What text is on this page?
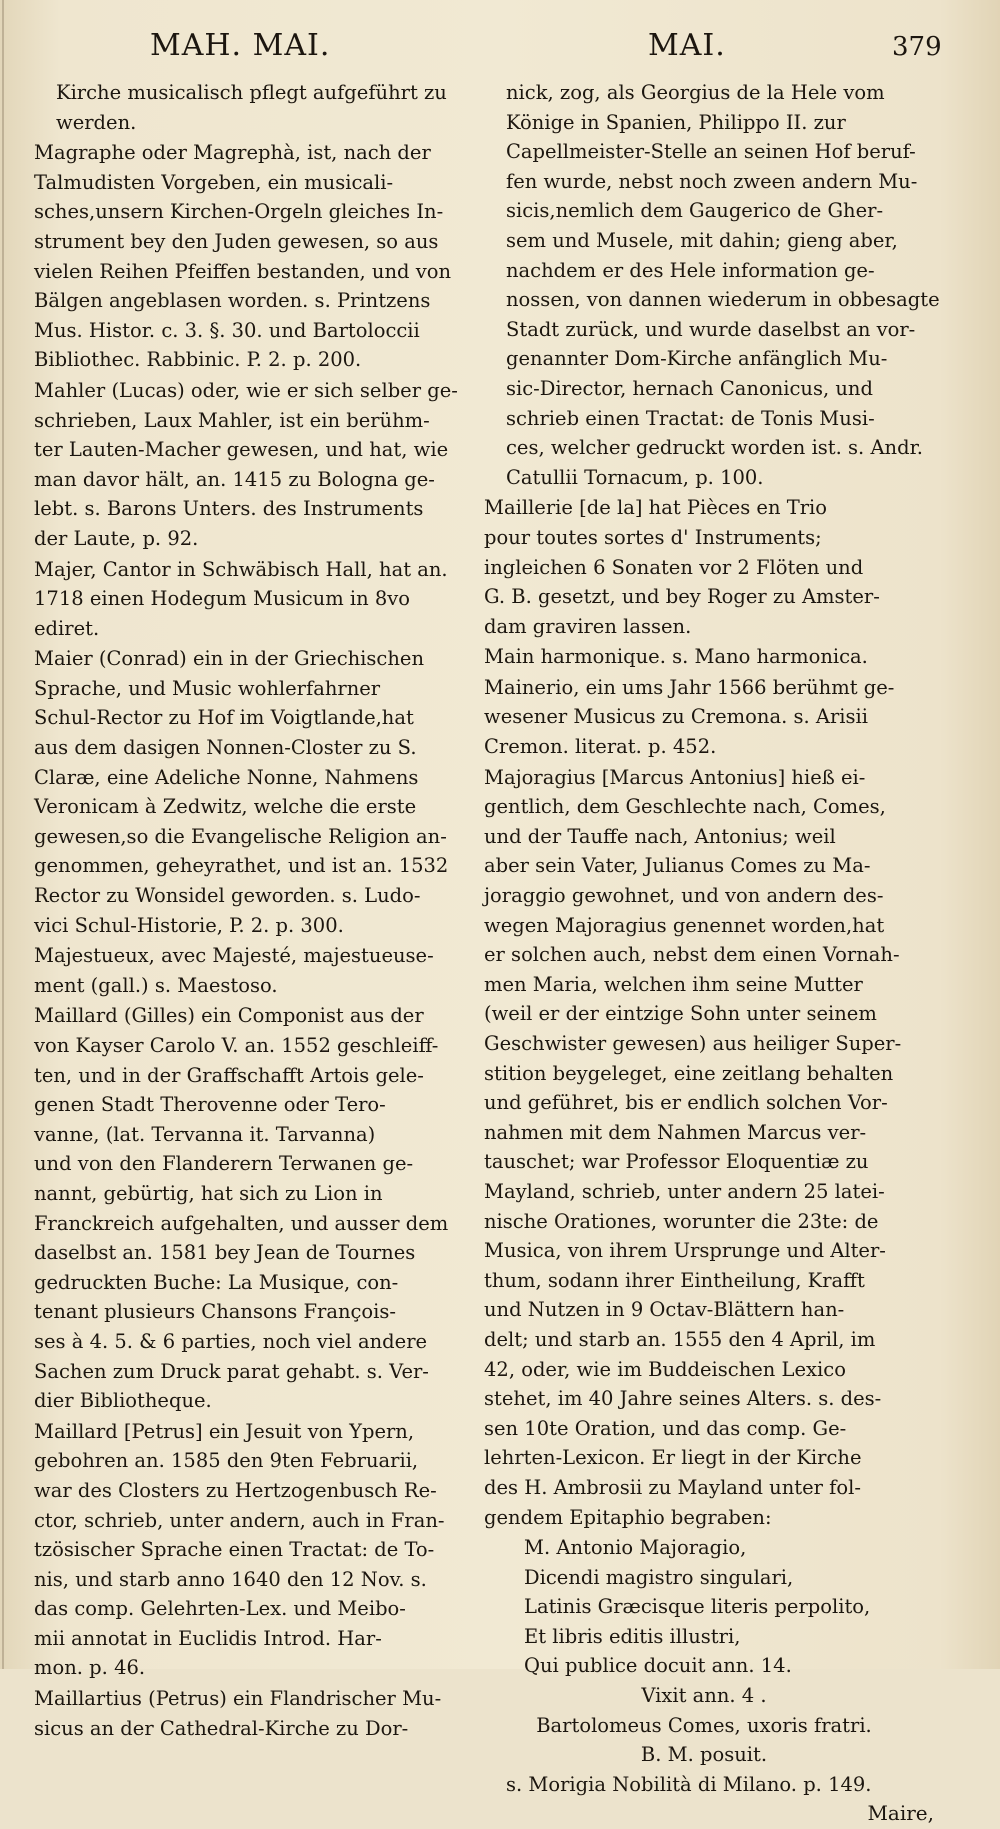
MAH. MAI.	MAI.	379
Kirche musicalisch pflegt aufgeführt zu
werden.
Magraphe oder Magrephà, ist, nach der
Talmudisten Vorgeben, ein musicali-
sches,unsern Kirchen-Orgeln gleiches In-
strument bey den Juden gewesen, so aus
vielen Reihen Pfeiffen bestanden, und von
Bälgen angeblasen worden. s. Printzens
Mus. Histor. c. 3. §. 30. und Bartoloccii
Bibliothec. Rabbinic. P. 2. p. 200.
Mahler (Lucas) oder, wie er sich selber ge-
schrieben, Laux Mahler, ist ein berühm-
ter Lauten-Macher gewesen, und hat, wie
man davor hält, an. 1415 zu Bologna ge-
lebt. s. Barons Unters. des Instruments
der Laute, p. 92.
Majer, Cantor in Schwäbisch Hall, hat an.
1718 einen Hodegum Musicum in 8vo
ediret.
Maier (Conrad) ein in der Griechischen
Sprache, und Music wohlerfahrner
Schul-Rector zu Hof im Voigtlande,hat
aus dem dasigen Nonnen-Closter zu S.
Claræ, eine Adeliche Nonne, Nahmens
Veronicam à Zedwitz, welche die erste
gewesen,so die Evangelische Religion an-
genommen, geheyrathet, und ist an. 1532
Rector zu Wonsidel geworden. s. Ludo-
vici Schul-Historie, P. 2. p. 300.
Majestueux, avec Majesté, majestueuse-
ment (gall.) s. Maestoso.
Maillard (Gilles) ein Componist aus der
von Kayser Carolo V. an. 1552 geschleiff-
ten, und in der Graffschafft Artois gele-
genen Stadt Therovenne oder Tero-
vanne, (lat. Tervanna it. Tarvanna)
und von den Flanderern Terwanen ge-
nannt, gebürtig, hat sich zu Lion in
Franckreich aufgehalten, und ausser dem
daselbst an. 1581 bey Jean de Tournes
gedruckten Buche: La Musique, con-
tenant plusieurs Chansons François-
ses à 4. 5. & 6 parties, noch viel andere
Sachen zum Druck parat gehabt. s. Ver-
dier Bibliotheque.
Maillard [Petrus] ein Jesuit von Ypern,
gebohren an. 1585 den 9ten Februarii,
war des Closters zu Hertzogenbusch Re-
ctor, schrieb, unter andern, auch in Fran-
tzösischer Sprache einen Tractat: de To-
nis, und starb anno 1640 den 12 Nov. s.
das comp. Gelehrten-Lex. und Meibo-
mii annotat in Euclidis Introd. Har-
mon. p. 46.
Maillartius (Petrus) ein Flandrischer Mu-
sicus an der Cathedral-Kirche zu Dor-
nick, zog, als Georgius de la Hele vom
Könige in Spanien, Philippo II. zur
Capellmeister-Stelle an seinen Hof beruf-
fen wurde, nebst noch zween andern Mu-
sicis,nemlich dem Gaugerico de Gher-
sem und Musele, mit dahin; gieng aber,
nachdem er des Hele information ge-
nossen, von dannen wiederum in obbesagte
Stadt zurück, und wurde daselbst an vor-
genannter Dom-Kirche anfänglich Mu-
sic-Director, hernach Canonicus, und
schrieb einen Tractat: de Tonis Musi-
ces, welcher gedruckt worden ist. s. Andr.
Catullii Tornacum, p. 100.
Maillerie [de la] hat Pièces en Trio
pour toutes sortes d' Instruments;
ingleichen 6 Sonaten vor 2 Flöten und
G. B. gesetzt, und bey Roger zu Amster-
dam graviren lassen.
Main harmonique. s. Mano harmonica.
Mainerio, ein ums Jahr 1566 berühmt ge-
wesener Musicus zu Cremona. s. Arisii
Cremon. literat. p. 452.
Majoragius [Marcus Antonius] hieß ei-
gentlich, dem Geschlechte nach, Comes,
und der Tauffe nach, Antonius; weil
aber sein Vater, Julianus Comes zu Ma-
joraggio gewohnet, und von andern des-
wegen Majoragius genennet worden,hat
er solchen auch, nebst dem einen Vornah-
men Maria, welchen ihm seine Mutter
(weil er der eintzige Sohn unter seinem
Geschwister gewesen) aus heiliger Super-
stition beygeleget, eine zeitlang behalten
und geführet, bis er endlich solchen Vor-
nahmen mit dem Nahmen Marcus ver-
tauschet; war Professor Eloquentiæ zu
Mayland, schrieb, unter andern 25 latei-
nische Orationes, worunter die 23te: de
Musica, von ihrem Ursprunge und Alter-
thum, sodann ihrer Eintheilung, Krafft
und Nutzen in 9 Octav-Blättern han-
delt; und starb an. 1555 den 4 April, im
42, oder, wie im Buddeischen Lexico
stehet, im 40 Jahre seines Alters. s. des-
sen 10te Oration, und das comp. Ge-
lehrten-Lexicon. Er liegt in der Kirche
des H. Ambrosii zu Mayland unter fol-
gendem Epitaphio begraben:
M. Antonio Majoragio,
Dicendi magistro singulari,
Latinis Græcisque literis perpolito,
Et libris editis illustri,
Qui publice docuit ann. 14.
Vixit ann. 4 .
Bartolomeus Comes, uxoris fratri.
B. M. posuit.
s. Morigia Nobilità di Milano. p. 149.
Maire,
